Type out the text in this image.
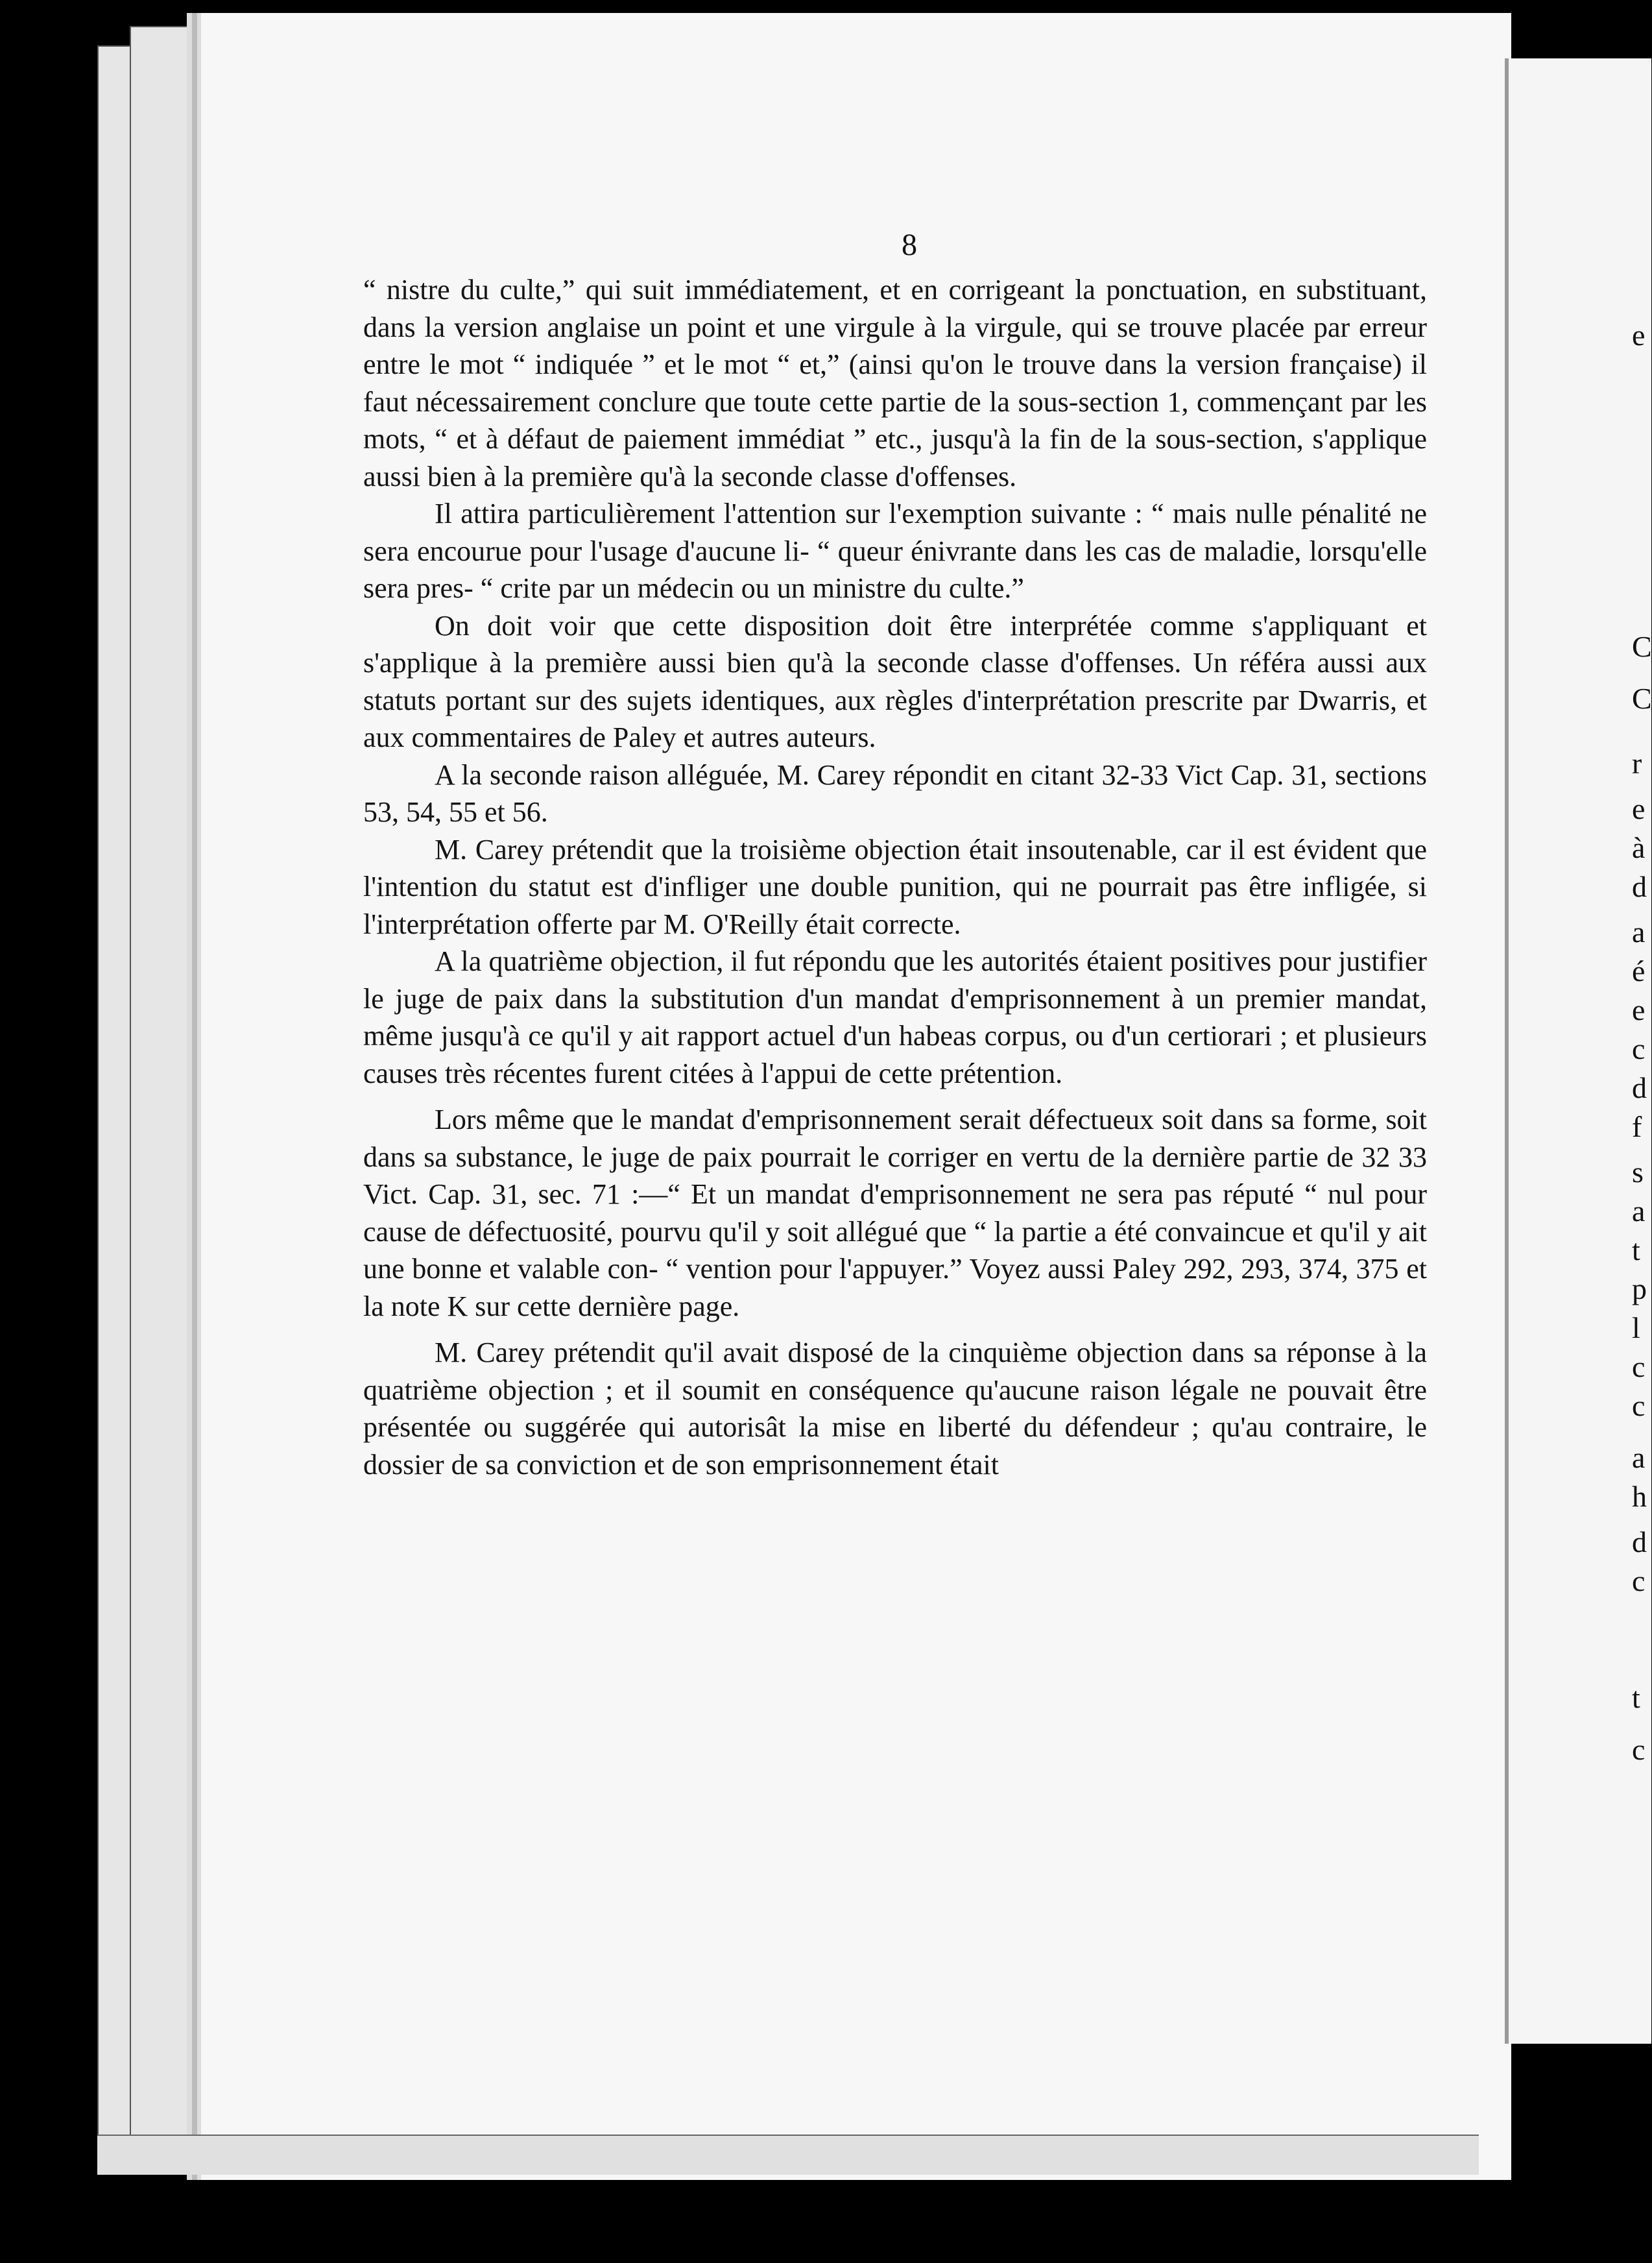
e
C
C
r
e
à
d
a
é
e
c
d
f
s
a
t
p
l
c
c
a
h
d
c
t
c
8

“ nistre du culte,” qui suit immédiatement, et en corrigeant la ponctuation, en substituant, dans la version anglaise un point et une virgule à la virgule, qui se trouve placée par erreur entre le mot “ indiquée ” et le mot “ et,” (ainsi qu'on le trouve dans la version française) il faut nécessairement conclure que toute cette partie de la sous-section 1, commençant par les mots, “ et à défaut de paiement immédiat ” etc., jusqu'à la fin de la sous-section, s'applique aussi bien à la première qu'à la seconde classe d'offenses.

Il attira particulièrement l'attention sur l'exemption suivante : “ mais nulle pénalité ne sera encourue pour l'usage d'aucune li- “ queur énivrante dans les cas de maladie, lorsqu'elle sera pres- “ crite par un médecin ou un ministre du culte.”

On doit voir que cette disposition doit être interprétée comme s'appliquant et s'applique à la première aussi bien qu'à la seconde classe d'offenses. Un référa aussi aux statuts portant sur des sujets identiques, aux règles d'interprétation prescrite par Dwarris, et aux commentaires de Paley et autres auteurs.

A la seconde raison alléguée, M. Carey répondit en citant 32-33 Vict Cap. 31, sections 53, 54, 55 et 56.

M. Carey prétendit que la troisième objection était insoutenable, car il est évident que l'intention du statut est d'infliger une double punition, qui ne pourrait pas être infligée, si l'interprétation offerte par M. O'Reilly était correcte.

A la quatrième objection, il fut répondu que les autorités étaient positives pour justifier le juge de paix dans la substitution d'un mandat d'emprisonnement à un premier mandat, même jusqu'à ce qu'il y ait rapport actuel d'un habeas corpus, ou d'un certiorari ; et plusieurs causes très récentes furent citées à l'appui de cette prétention.

Lors même que le mandat d'emprisonnement serait défectueux soit dans sa forme, soit dans sa substance, le juge de paix pourrait le corriger en vertu de la dernière partie de 32 33 Vict. Cap. 31, sec. 71 :—“ Et un mandat d'emprisonnement ne sera pas réputé “ nul pour cause de défectuosité, pourvu qu'il y soit allégué que “ la partie a été convaincue et qu'il y ait une bonne et valable con- “ vention pour l'appuyer.” Voyez aussi Paley 292, 293, 374, 375 et la note K sur cette dernière page.

M. Carey prétendit qu'il avait disposé de la cinquième objection dans sa réponse à la quatrième objection ; et il soumit en conséquence qu'aucune raison légale ne pouvait être présentée ou suggérée qui autorisât la mise en liberté du défendeur ; qu'au contraire, le dossier de sa conviction et de son emprisonnement était
